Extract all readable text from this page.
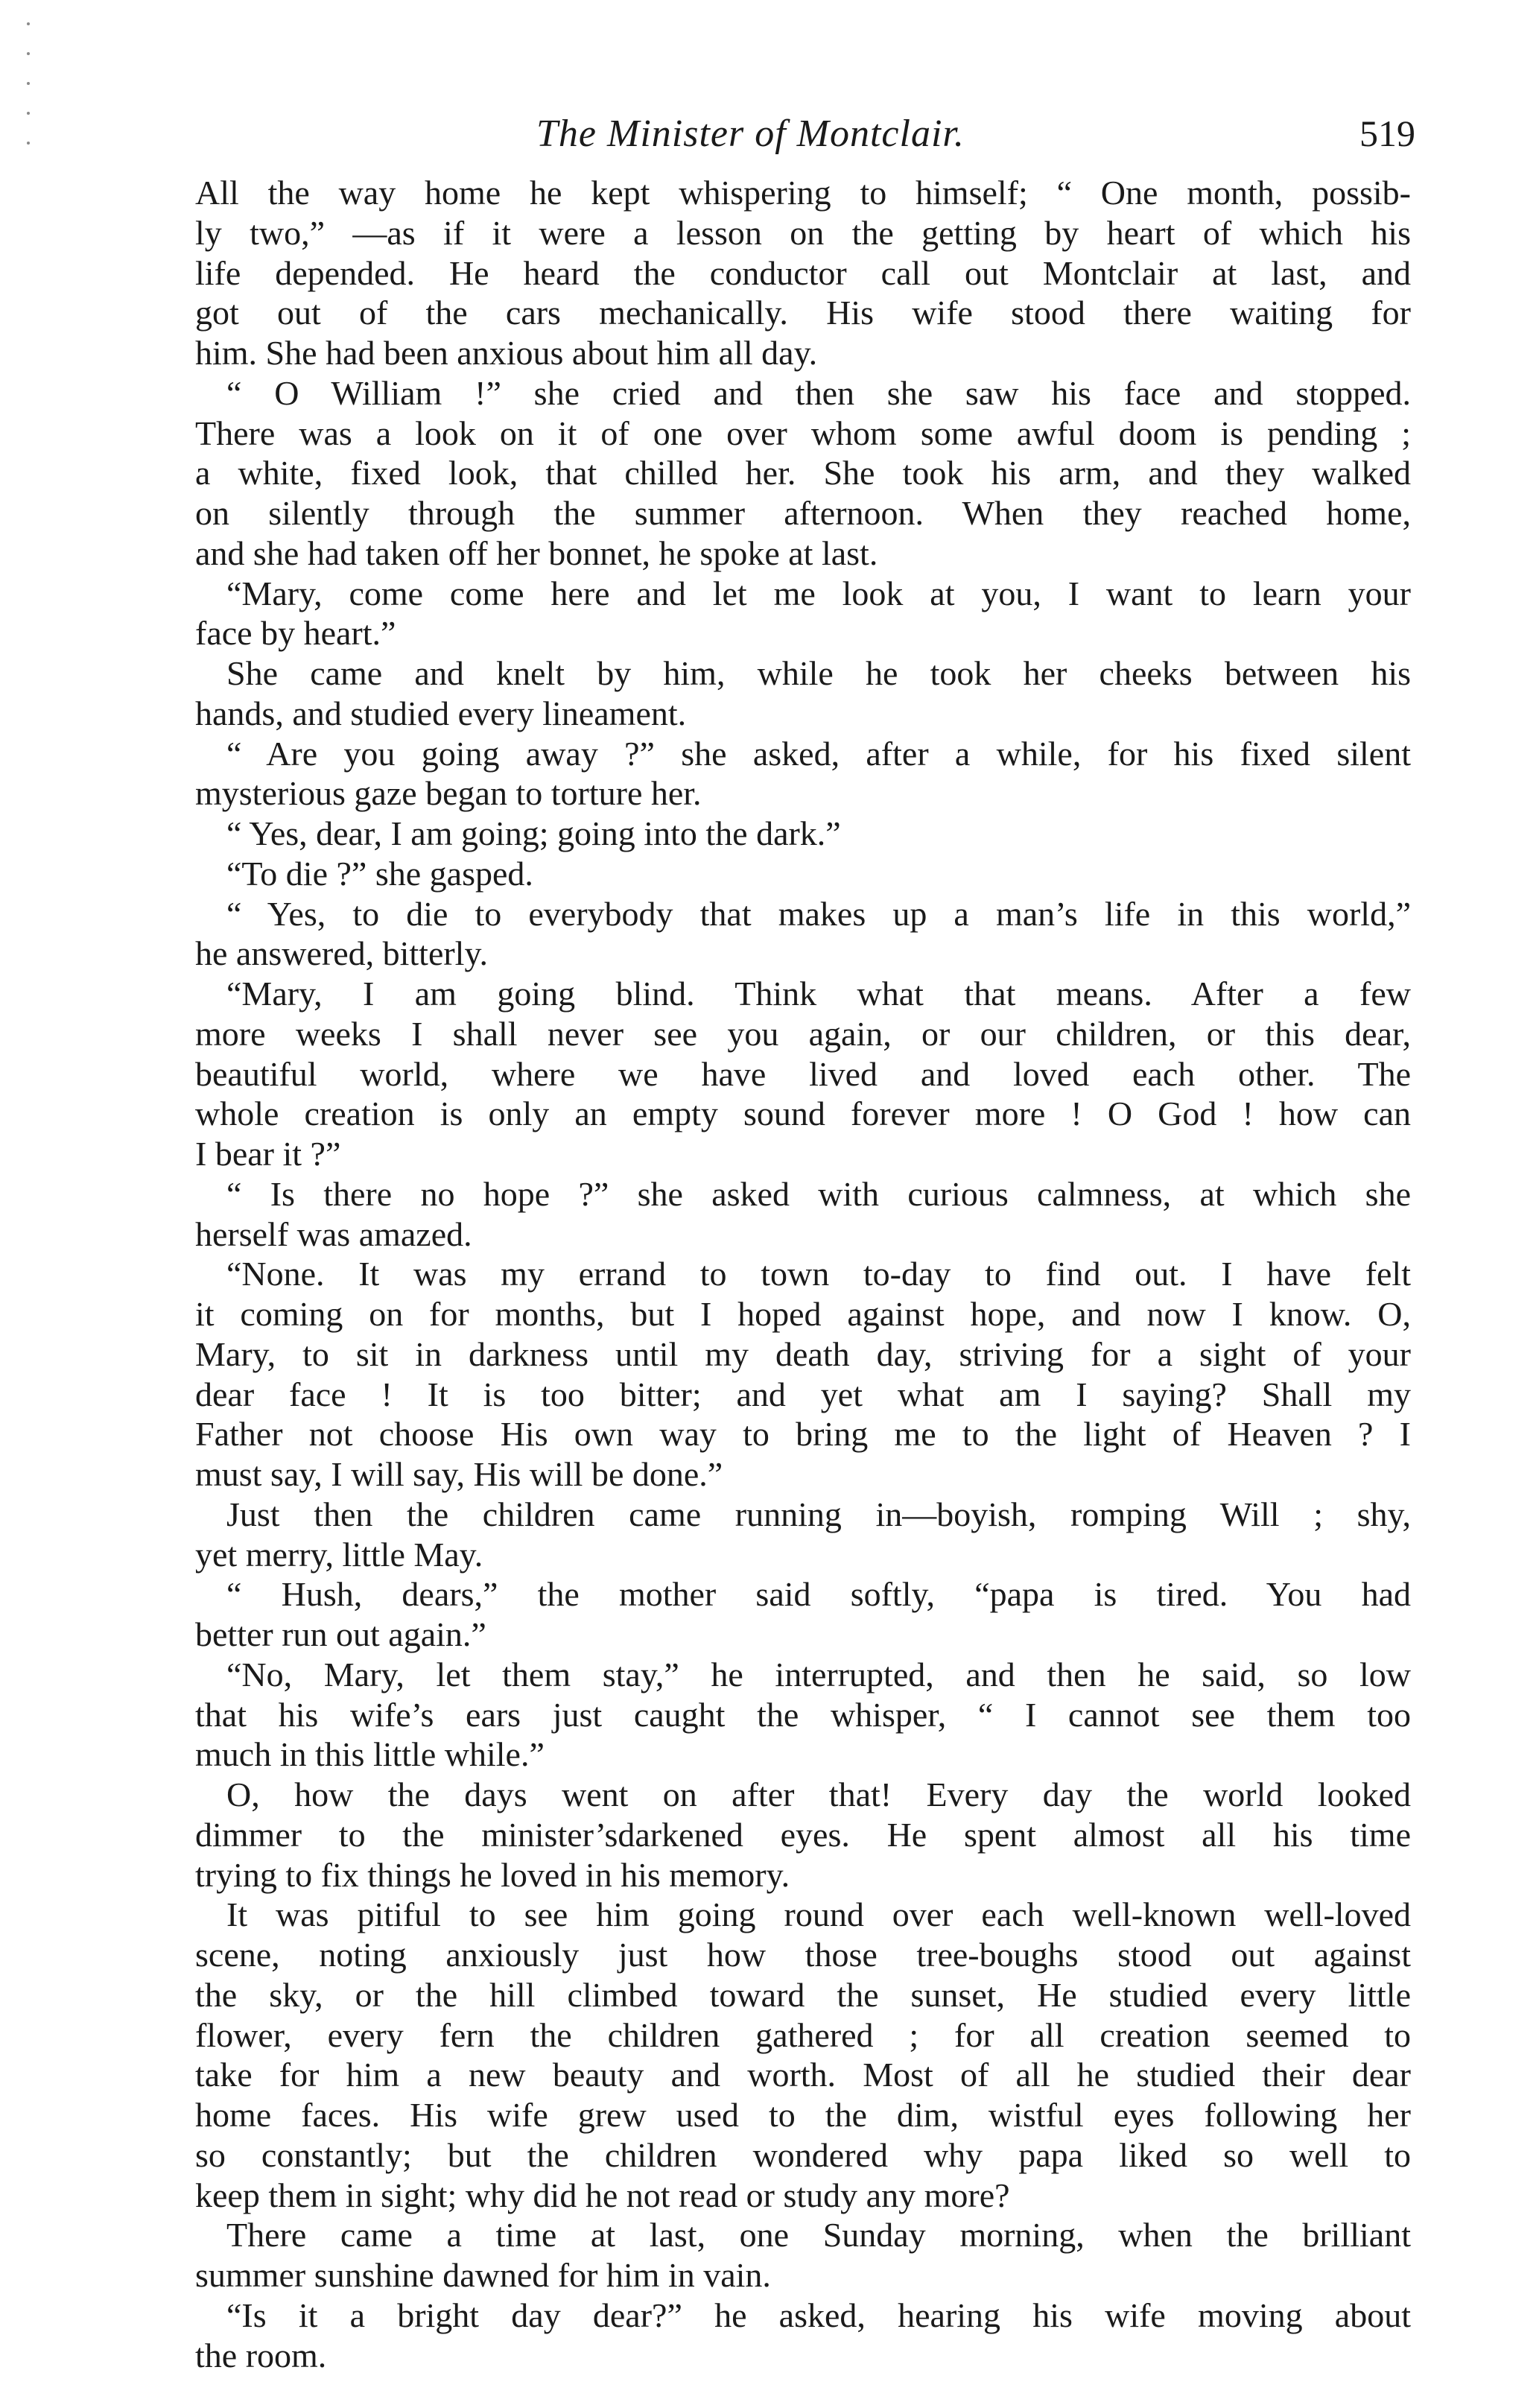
The Minister of Montclair.	519
All the way home he kept whispering to himself; “ One month, possib-
ly two,” —as if it were a lesson on the getting by heart of which his
life depended. He heard the conductor call out Montclair at last, and
got out of the cars mechanically. His wife stood there waiting for
him. She had been anxious about him all day.
“ O William !” she cried and then she saw his face and stopped.
There was a look on it of one over whom some awful doom is pending ;
a white, fixed look, that chilled her. She took his arm, and they walked
on silently through the summer afternoon. When they reached home,
and she had taken off her bonnet, he spoke at last.
“Mary, come come here and let me look at you, I want to learn your
face by heart.”
She came and knelt by him, while he took her cheeks between his
hands, and studied every lineament.
“ Are you going away ?” she asked, after a while, for his fixed silent
mysterious gaze began to torture her.
“ Yes, dear, I am going; going into the dark.”
“To die ?” she gasped.
“ Yes, to die to everybody that makes up a man’s life in this world,”
he answered, bitterly.
“Mary, I am going blind. Think what that means. After a few
more weeks I shall never see you again, or our children, or this dear,
beautiful world, where we have lived and loved each other. The
whole creation is only an empty sound forever more ! O God ! how can
I bear it ?”
“ Is there no hope ?” she asked with curious calmness, at which she
herself was amazed.
“None. It was my errand to town to-day to find out. I have felt
it coming on for months, but I hoped against hope, and now I know. O,
Mary, to sit in darkness until my death day, striving for a sight of your
dear face ! It is too bitter; and yet what am I saying? Shall my
Father not choose His own way to bring me to the light of Heaven ? I
must say, I will say, His will be done.”
Just then the children came running in—boyish, romping Will ; shy,
yet merry, little May.
“ Hush, dears,” the mother said softly, “papa is tired. You had
better run out again.”
“No, Mary, let them stay,” he interrupted, and then he said, so low
that his wife’s ears just caught the whisper, “ I cannot see them too
much in this little while.”
O, how the days went on after that! Every day the world looked
dimmer to the minister’sdarkened eyes. He spent almost all his time
trying to fix things he loved in his memory.
It was pitiful to see him going round over each well-known well-loved
scene, noting anxiously just how those tree-boughs stood out against
the sky, or the hill climbed toward the sunset, He studied every little
flower, every fern the children gathered ; for all creation seemed to
take for him a new beauty and worth. Most of all he studied their dear
home faces. His wife grew used to the dim, wistful eyes following her
so constantly; but the children wondered why papa liked so well to
keep them in sight; why did he not read or study any more?
There came a time at last, one Sunday morning, when the brilliant
summer sunshine dawned for him in vain.
“Is it a bright day dear?” he asked, hearing his wife moving about
the room.
